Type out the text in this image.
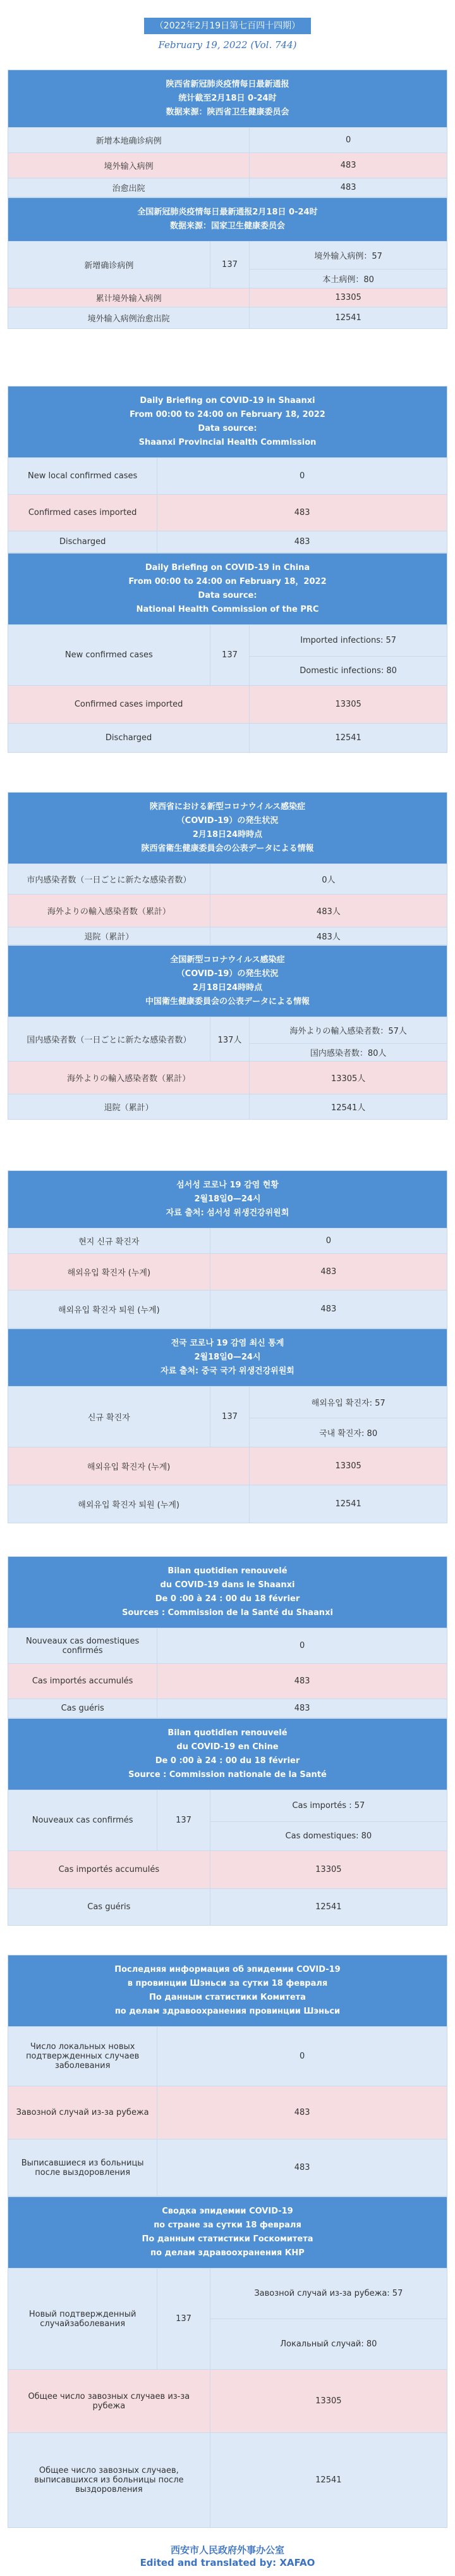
（2022年2月19日第七百四十四期）
February 19, 2022 (Vol. 744)
陕西省新冠肺炎疫情每日最新通报
统计截至2月18日 0-24时
数据来源：陕西省卫生健康委员会	

新增本地确诊病例	0
境外输入病例	483
治愈出院	483
全国新冠肺炎疫情每日最新通报2月18日 0-24时
数据来源：国家卫生健康委员会		

新增确诊病例	137	境外输入病例：57
		本土病例：80
累计境外输入病例		13305
境外输入病例治愈出院		12541
Daily Briefing on COVID-19 in Shaanxi
From 00:00 to 24:00 on February 18, 2022
Data source:
Shaanxi Provincial Health Commission	

New local confirmed cases	0
Confirmed cases imported	483
Discharged	483
Daily Briefing on COVID-19 in China
From 00:00 to 24:00 on February 18，2022
Data source:
National Health Commission of the PRC		

New confirmed cases	137	Imported infections: 57
		Domestic infections: 80
Confirmed cases imported		13305
Discharged		12541
陝西省における新型コロナウイルス感染症
（COVID-19）の発生状況
2月18日24時時点
陝西省衛生健康委員会の公表データによる情報	

市内感染者数（一日ごとに新たな感染者数）	0人
海外よりの輸入感染者数（累計）	483人
退院（累計）	483人
全国新型コロナウイルス感染症
（COVID-19）の発生状況
2月18日24時時点
中国衛生健康委員会の公表データによる情報		

国内感染者数（一日ごとに新たな感染者数）	137人	海外よりの輸入感染者数：57人
		国内感染者数：80人
海外よりの輸入感染者数（累計）		13305人
退院（累計）		12541人
섬서성 코로나 19 감염 현황
2월18일0—24시
자료 출처: 섬서성 위생건강위원회	

현지 신규 확진자	0
해외유입 확진자 (누계)	483
해외유입 확진자 퇴원 (누계)	483
전국 코로나 19 감염 최신 통계
2월18일0—24시
자료 출처: 중국 국가 위생건강위원회		

신규 확진자	137	해외유입 확진자: 57
		국내 확진자: 80
해외유입 확진자 (누계)		13305
해외유입 확진자 퇴원 (누계)		12541
Bilan quotidien renouvelé
du COVID-19 dans le Shaanxi
De 0 :00 à 24 : 00 du 18 février
Sources : Commission de la Santé du Shaanxi	

Nouveaux cas domestiques confirmés	0
Cas importés accumulés	483
Cas guéris	483
Bilan quotidien renouvelé
du COVID-19 en Chine
De 0 :00 à 24 : 00 du 18 février
Source : Commission nationale de la Santé		

Nouveaux cas confirmés	137	Cas importés : 57
		Cas domestiques: 80
Cas importés accumulés		13305
Cas guéris		12541
Последняя информация об эпидемии COVID-19
в провинции Шэньси за сутки 18 февраля
По данным статистики Комитета
по делам здравоохранения провинции Шэньси	

Число локальных новых подтвержденных случаев заболевания	0
Завозной случай из-за рубежа	483
Выписавшиеся из больницы после выздоровления	483
Сводка эпидемии COVID-19
по стране за сутки 18 февраля
По данным статистики Госкомитета
по делам здравоохранения КНР		

Новый подтвержденный случайзаболевания	137	Завозной случай из-за рубежа: 57
		Локальный случай: 80
Общее число завозных случаев из-за рубежа		13305
Общее число завозных случаев, выписавшихся из больницы после выздоровления		12541
西安市人民政府外事办公室
Edited and translated by: XAFAO
